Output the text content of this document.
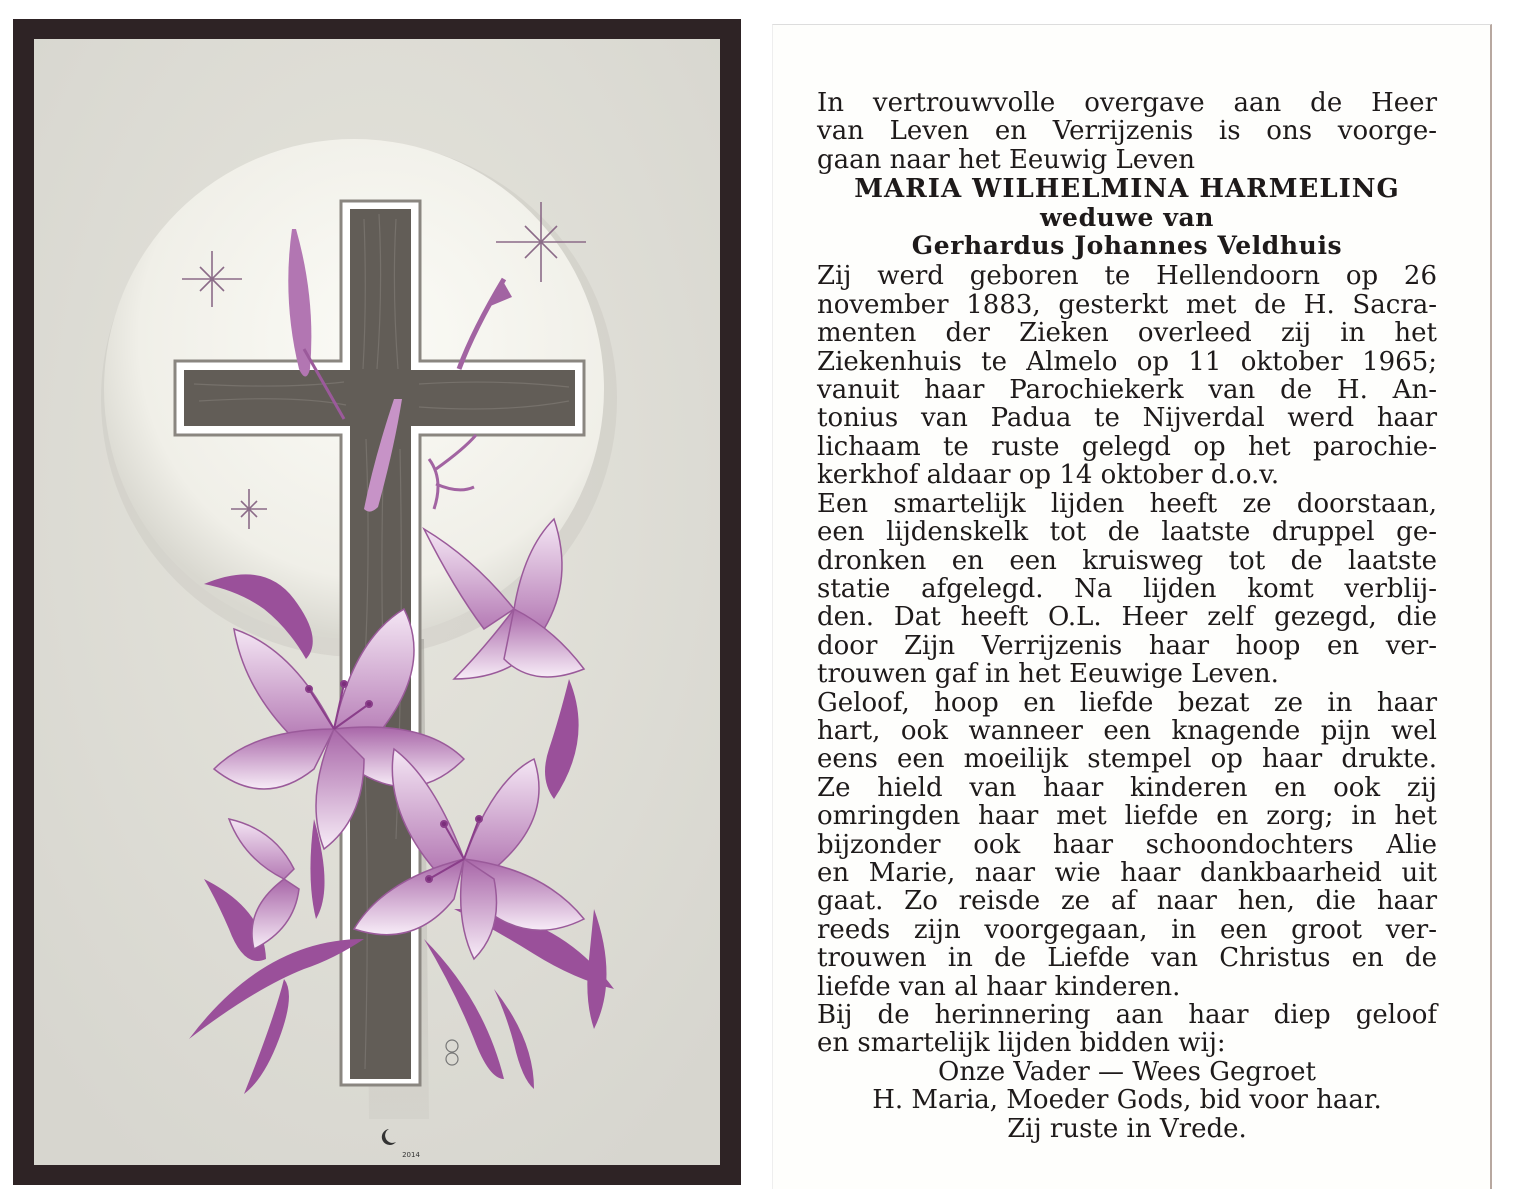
2014

In vertrouwvolle overgave aan de Heer

van Leven en Verrijzenis is ons voorge-

gaan naar het Eeuwig Leven

MARIA WILHELMINA HARMELING
weduwe van
Gerhardus Johannes Veldhuis

Zij werd geboren te Hellendoorn op 26

november 1883, gesterkt met de H. Sacra-

menten der Zieken overleed zij in het

Ziekenhuis te Almelo op 11 oktober 1965;

vanuit haar Parochiekerk van de H. An-

tonius van Padua te Nijverdal werd haar

lichaam te ruste gelegd op het parochie-

kerkhof aldaar op 14 oktober d.o.v.

Een smartelijk lijden heeft ze doorstaan,

een lijdenskelk tot de laatste druppel ge-

dronken en een kruisweg tot de laatste

statie afgelegd. Na lijden komt verblij-

den. Dat heeft O.L. Heer zelf gezegd, die

door Zijn Verrijzenis haar hoop en ver-

trouwen gaf in het Eeuwige Leven.

Geloof, hoop en liefde bezat ze in haar

hart, ook wanneer een knagende pijn wel

eens een moeilijk stempel op haar drukte.

Ze hield van haar kinderen en ook zij

omringden haar met liefde en zorg; in het

bijzonder ook haar schoondochters Alie

en Marie, naar wie haar dankbaarheid uit

gaat. Zo reisde ze af naar hen, die haar

reeds zijn voorgegaan, in een groot ver-

trouwen in de Liefde van Christus en de

liefde van al haar kinderen.

Bij de herinnering aan haar diep geloof

en smartelijk lijden bidden wij:

Onze Vader — Wees Gegroet
H. Maria, Moeder Gods, bid voor haar.
Zij ruste in Vrede.
